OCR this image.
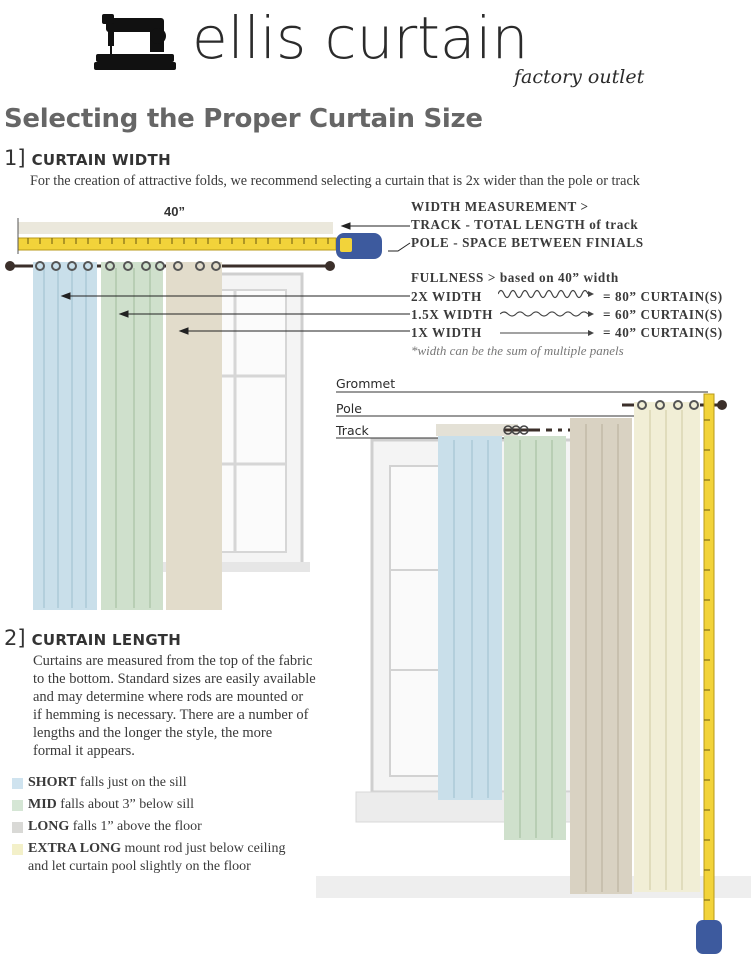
ellis curtain
factory outlet
Selecting the Proper Curtain Size
1] CURTAIN WIDTH
For the creation of attractive folds, we recommend selecting a curtain that is 2x wider than the pole or track
40”	WIDTH MEASUREMENT >
TRACK - TOTAL LENGTH of track
POLE - SPACE BETWEEN FINIALS
FULLNESS > based on 40” width
2X WIDTH	= 80” CURTAIN(S)
1.5X WIDTH	= 60” CURTAIN(S)
1X WIDTH	= 40” CURTAIN(S)
*width can be the sum of multiple panels
2] CURTAIN LENGTH
Curtains are measured from the top of the fabric
to the bottom. Standard sizes are easily available
and may determine where rods are mounted or
if hemming is necessary. There are a number of
lengths and the longer the style, the more
formal it appears.
SHORT falls just on the sill
MID falls about 3” below sill
LONG falls 1” above the floor
EXTRA LONG mount rod just below ceiling
and let curtain pool slightly on the floor
Grommet
Pole
Track
